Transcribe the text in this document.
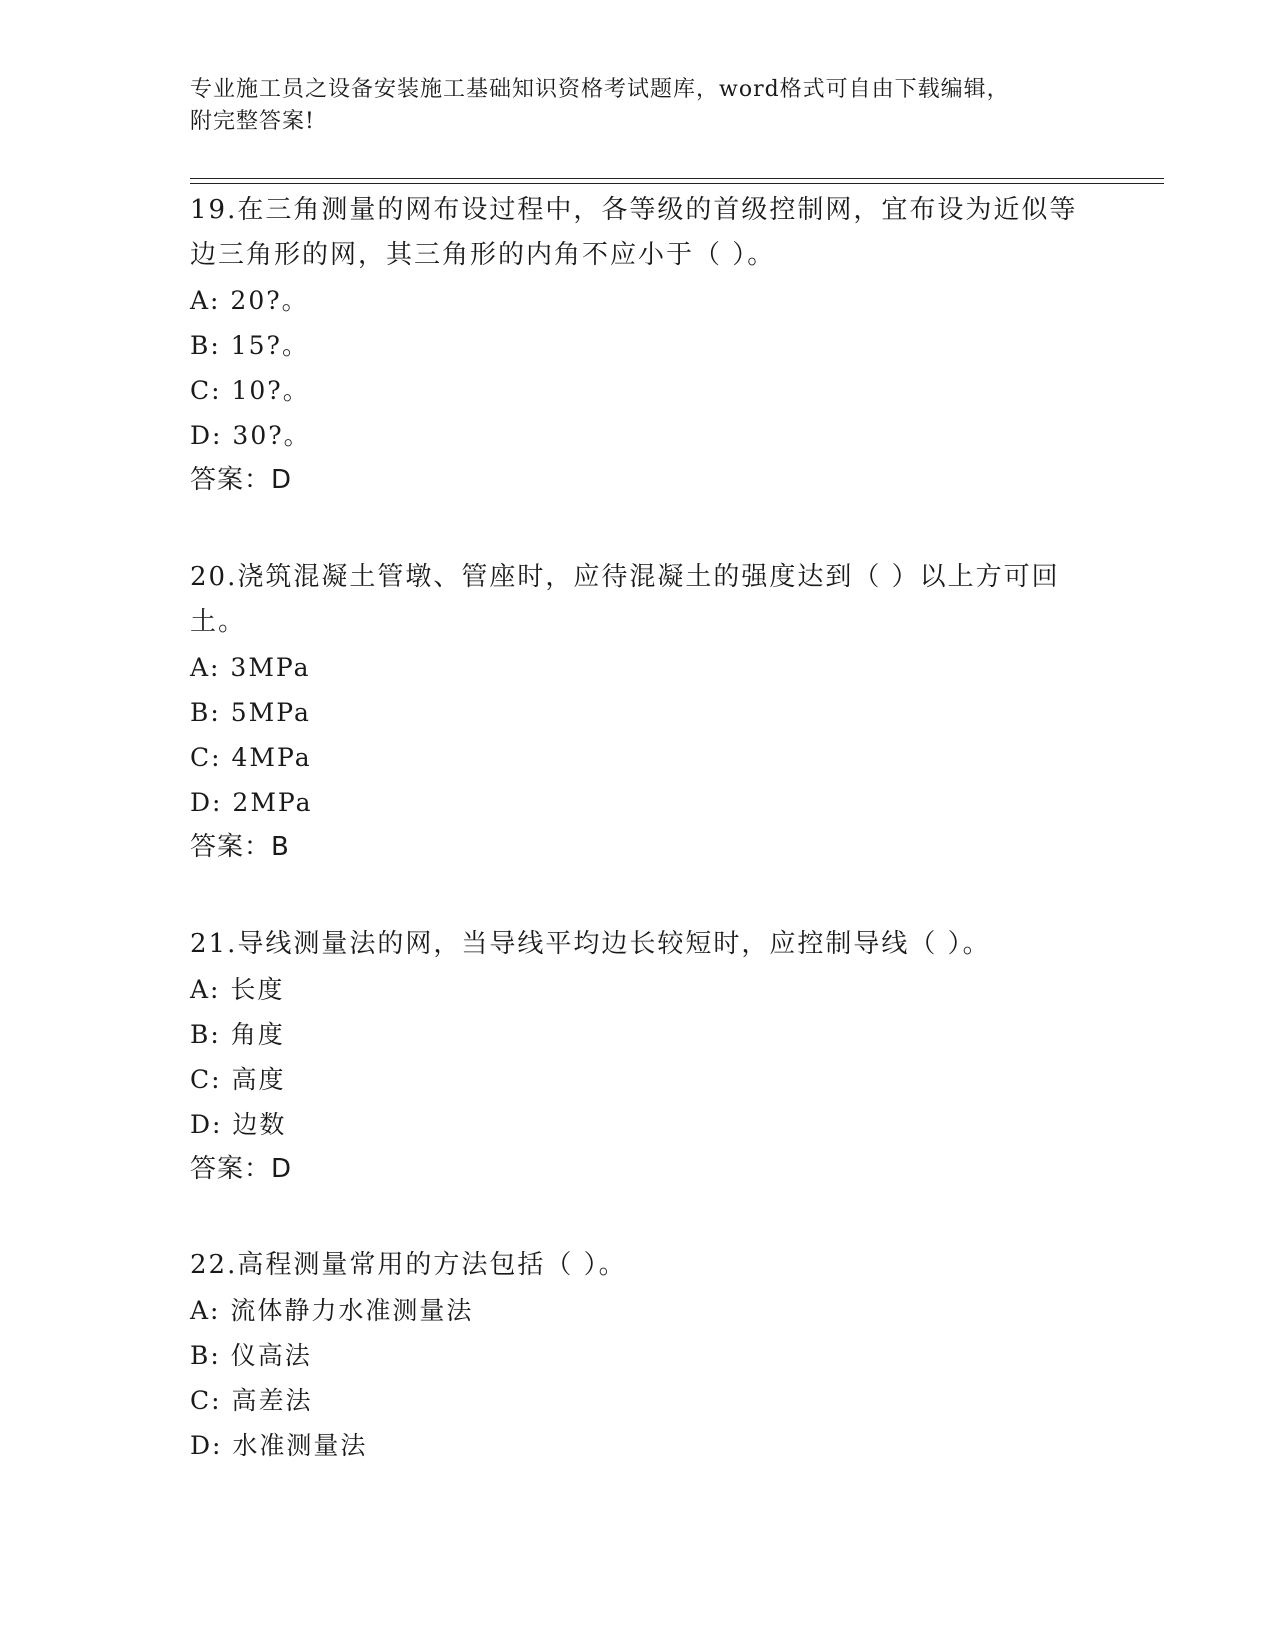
专业施工员之设备安装施工基础知识资格考试题库，word格式可自由下载编辑，
附完整答案!
19.在三角测量的网布设过程中，各等级的首级控制网，宜布设为近似等边三角形的网，其三角形的内角不应小于（ ）。
A: 20?。
B: 15?。
C: 10?。
D: 30?。
答案：D
20.浇筑混凝土管墩、管座时，应待混凝土的强度达到（ ）以上方可回土。
A: 3MPa
B: 5MPa
C: 4MPa
D: 2MPa
答案：B
21.导线测量法的网，当导线平均边长较短时，应控制导线（ ）。
A: 长度
B: 角度
C: 高度
D: 边数
答案：D
22.高程测量常用的方法包括（ ）。
A: 流体静力水准测量法
B: 仪高法
C: 高差法
D: 水准测量法
